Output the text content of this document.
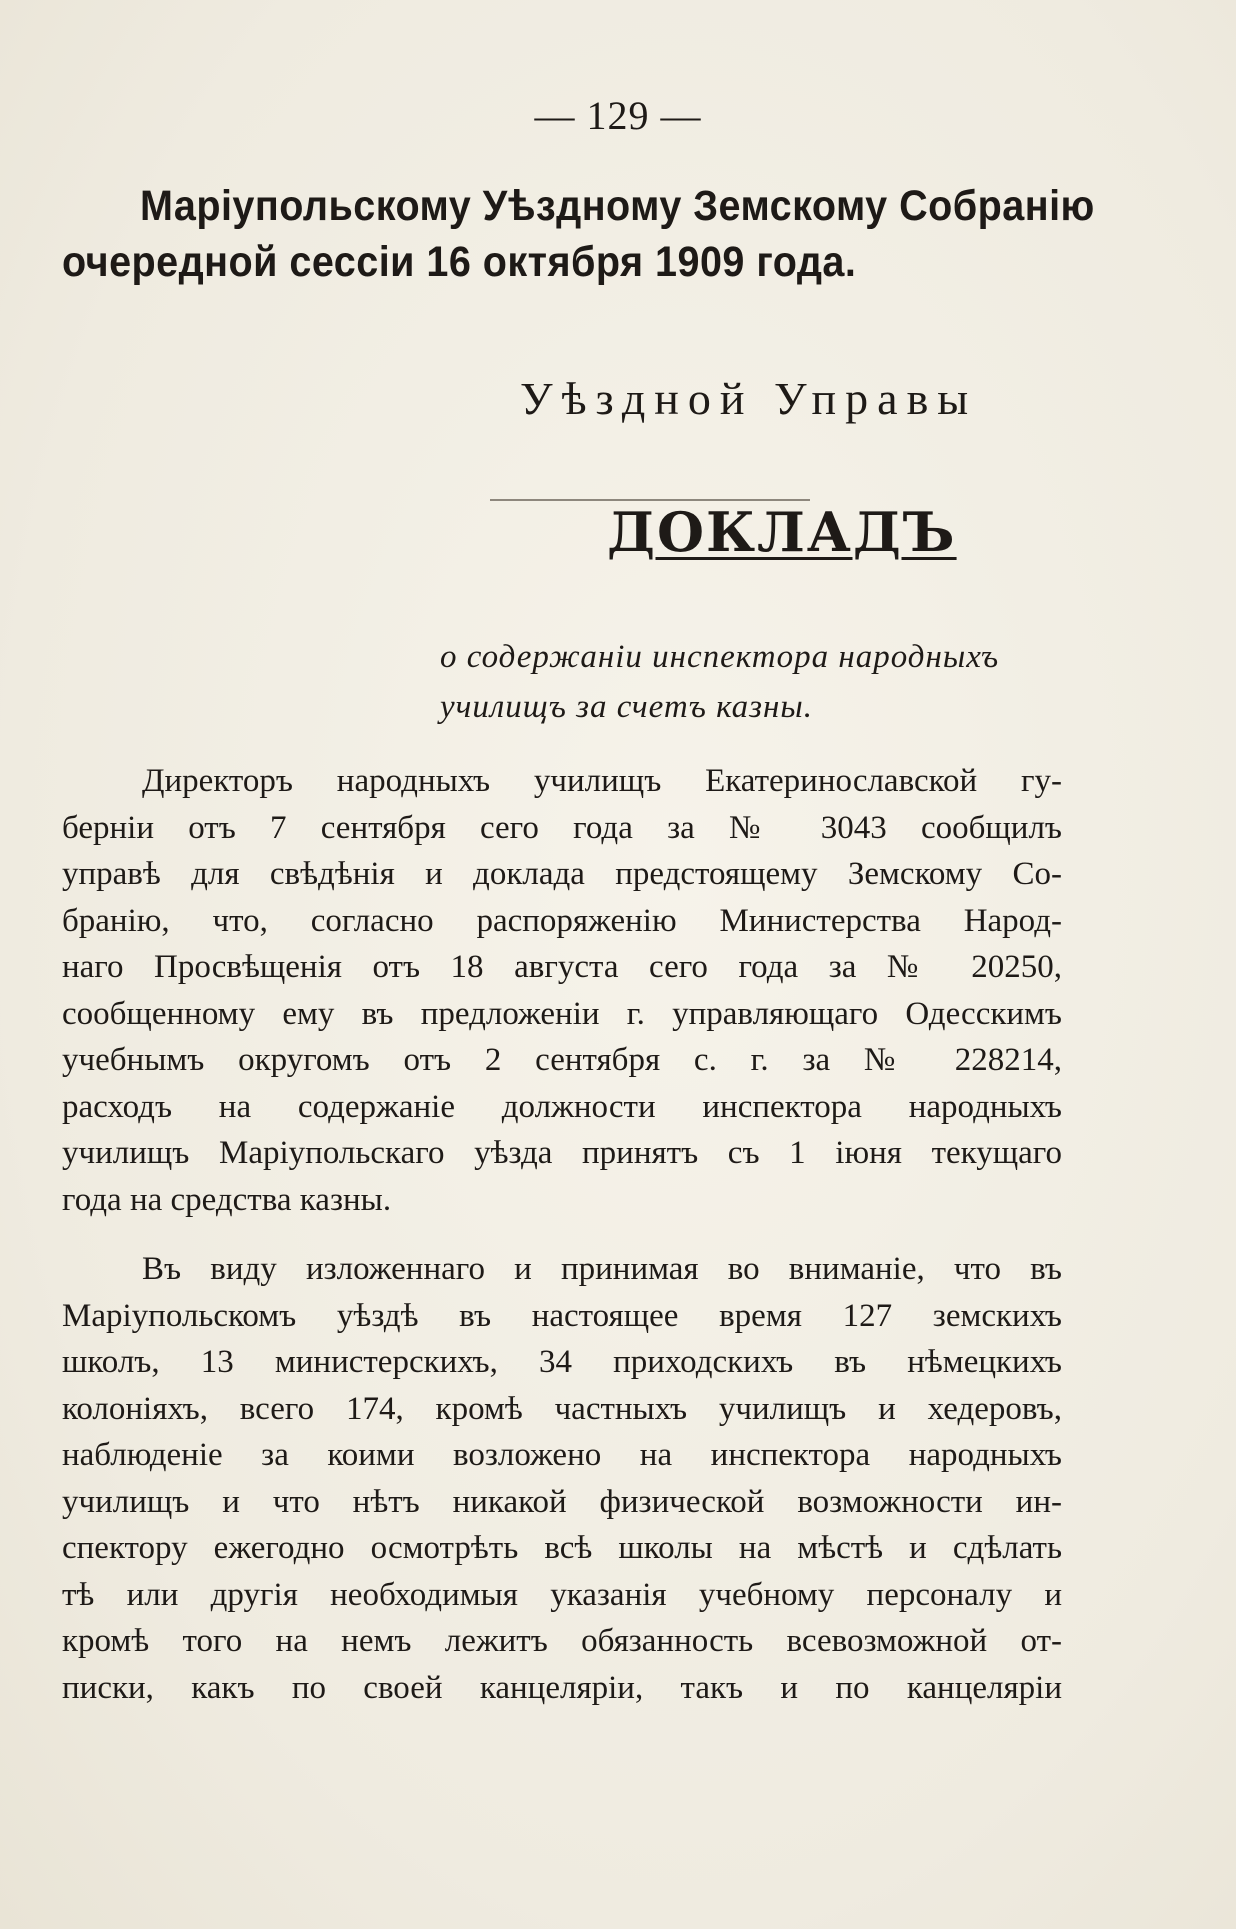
— 129 —
Маріупольскому Уѣздному Земскому Собранію
очередной сессіи 16 октября 1909 года.
Уѣздной Управы
ДОКЛАДЪ
о содержаніи инспектора народныхъ
училищъ за счетъ казны.
Директоръ народныхъ училищъ Екатеринославской гу-
берніи отъ 7 сентября сего года за № 3043 сообщилъ
управѣ для свѣдѣнія и доклада предстоящему Земскому Со-
бранію, что, согласно распоряженію Министерства Народ-
наго Просвѣщенія отъ 18 августа сего года за № 20250,
сообщенному ему въ предложеніи г. управляющаго Одесскимъ
учебнымъ округомъ отъ 2 сентября с. г. за № 228214,
расходъ на содержаніе должности инспектора народныхъ
училищъ Маріупольскаго уѣзда принятъ съ 1 іюня текущаго
года на средства казны.
Въ виду изложеннаго и принимая во вниманіе, что въ
Маріупольскомъ уѣздѣ въ настоящее время 127 земскихъ
школъ, 13 министерскихъ, 34 приходскихъ въ нѣмецкихъ
колоніяхъ, всего 174, кромѣ частныхъ училищъ и хедеровъ,
наблюденіе за коими возложено на инспектора народныхъ
училищъ и что нѣтъ никакой физической возможности ин-
спектору ежегодно осмотрѣть всѣ школы на мѣстѣ и сдѣлать
тѣ или другія необходимыя указанія учебному персоналу и
кромѣ того на немъ лежитъ обязанность всевозможной от-
писки, какъ по своей канцеляріи, такъ и по канцеляріи
